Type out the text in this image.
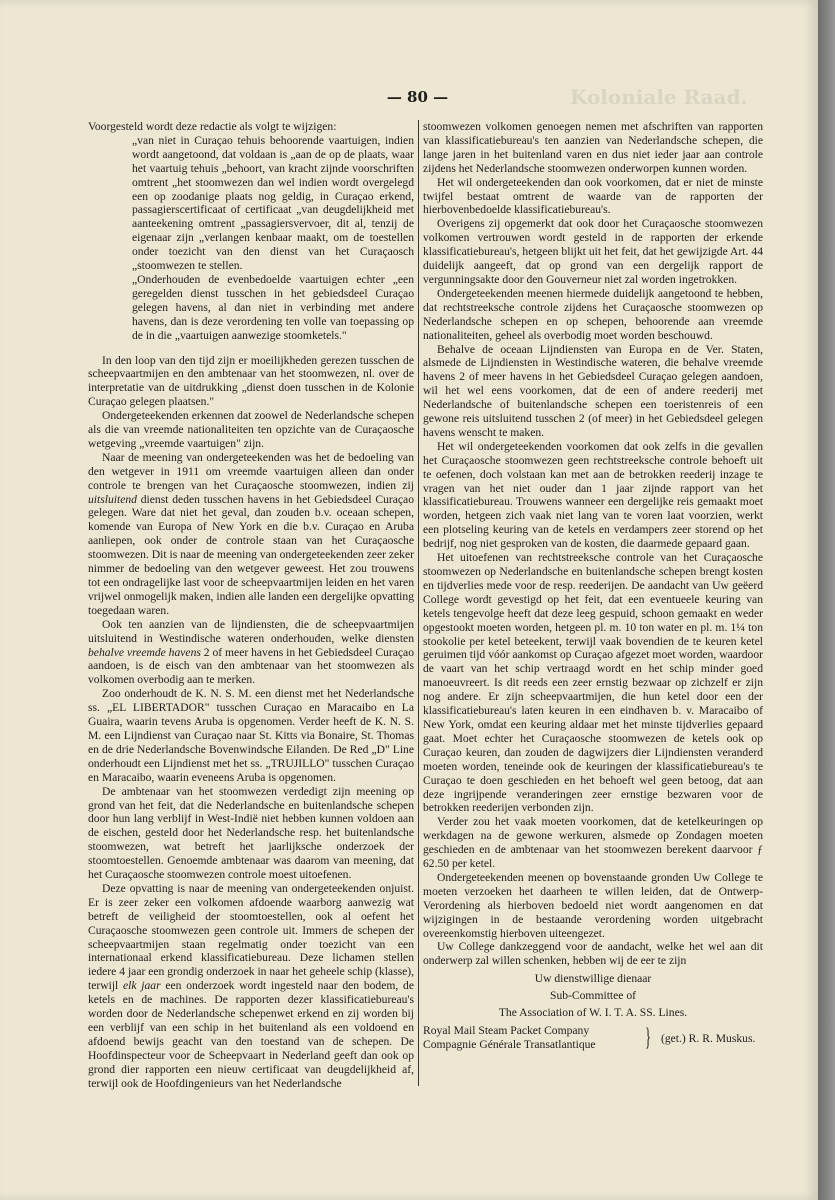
Koloniale Raad.
— 80 —

Voorgesteld wordt deze redactie als volgt te wijzigen:

„van niet in Curaçao tehuis behoorende vaartuigen, indien wordt aangetoond, dat voldaan is „aan de op de plaats, waar het vaartuig tehuis „behoort, van kracht zijnde voorschriften omtrent „het stoomwezen dan wel indien wordt overgelegd een op zoodanige plaats nog geldig, in Curaçao erkend, passagierscertificaat of certificaat „van deugdelijkheid met aanteekening omtrent „passagiersvervoer, dit al, tenzij de eigenaar zijn „verlangen kenbaar maakt, om de toestellen onder toezicht van den dienst van het Curaçaosch „stoomwezen te stellen.

„Onderhouden de evenbedoelde vaartuigen echter „een geregelden dienst tusschen in het gebiedsdeel Curaçao gelegen havens, al dan niet in verbinding met andere havens, dan is deze verordening ten volle van toepassing op de in die „vaartuigen aanwezige stoomketels."

In den loop van den tijd zijn er moeilijkheden gerezen tusschen de scheepvaartmijen en den ambtenaar van het stoomwezen, nl. over de interpretatie van de uitdrukking „dienst doen tusschen in de Kolonie Curaçao gelegen plaatsen."

Ondergeteekenden erkennen dat zoowel de Nederlandsche schepen als die van vreemde nationaliteiten ten opzichte van de Curaçaosche wetgeving „vreemde vaartuigen" zijn.

Naar de meening van ondergeteekenden was het de bedoeling van den wetgever in 1911 om vreemde vaartuigen alleen dan onder controle te brengen van het Curaçaosche stoomwezen, indien zij uitsluitend dienst deden tusschen havens in het Gebiedsdeel Curaçao gelegen. Ware dat niet het geval, dan zouden b.v. oceaan schepen, komende van Europa of New York en die b.v. Curaçao en Aruba aanliepen, ook onder de controle staan van het Curaçaosche stoomwezen. Dit is naar de meening van ondergeteekenden zeer zeker nimmer de bedoeling van den wetgever geweest. Het zou trouwens tot een ondragelijke last voor de scheepvaartmijen leiden en het varen vrijwel onmogelijk maken, indien alle landen een dergelijke opvatting toegedaan waren.

Ook ten aanzien van de lijndiensten, die de scheepvaartmijen uitsluitend in Westindische wateren onderhouden, welke diensten behalve vreemde havens 2 of meer havens in het Gebiedsdeel Curaçao aandoen, is de eisch van den ambtenaar van het stoomwezen als volkomen overbodig aan te merken.

Zoo onderhoudt de K. N. S. M. een dienst met het Nederlandsche ss. „EL LIBERTADOR" tusschen Curaçao en Maracaibo en La Guaira, waarin tevens Aruba is opgenomen. Verder heeft de K. N. S. M. een Lijndienst van Curaçao naar St. Kitts via Bonaire, St. Thomas en de drie Nederlandsche Bovenwindsche Eilanden. De Red „D" Line onderhoudt een Lijndienst met het ss. „TRUJILLO" tusschen Curaçao en Maracaibo, waarin eveneens Aruba is opgenomen.

De ambtenaar van het stoomwezen verdedigt zijn meening op grond van het feit, dat die Nederlandsche en buitenlandsche schepen door hun lang verblijf in West-Indië niet hebben kunnen voldoen aan de eischen, gesteld door het Nederlandsche resp. het buitenlandsche stoomwezen, wat betreft het jaarlijksche onderzoek der stoomtoestellen. Genoemde ambtenaar was daarom van meening, dat het Curaçaosche stoomwezen controle moest uitoefenen.

Deze opvatting is naar de meening van ondergeteekenden onjuist. Er is zeer zeker een volkomen afdoende waarborg aanwezig wat betreft de veiligheid der stoomtoestellen, ook al oefent het Curaçaosche stoomwezen geen controle uit. Immers de schepen der scheepvaartmijen staan regelmatig onder toezicht van een internationaal erkend klassificatiebureau. Deze lichamen stellen iedere 4 jaar een grondig onderzoek in naar het geheele schip (klasse), terwijl elk jaar een onderzoek wordt ingesteld naar den bodem, de ketels en de machines. De rapporten dezer klassificatiebureau's worden door de Nederlandsche schepenwet erkend en zij worden bij een verblijf van een schip in het buitenland als een voldoend en afdoend bewijs geacht van den toestand van de schepen. De Hoofdinspecteur voor de Scheepvaart in Nederland geeft dan ook op grond dier rapporten een nieuw certificaat van deugdelijkheid af, terwijl ook de Hoofdingenieurs van het Nederlandsche

stoomwezen volkomen genoegen nemen met afschriften van rapporten van klassificatiebureau's ten aanzien van Nederlandsche schepen, die lange jaren in het buitenland varen en dus niet ieder jaar aan controle zijdens het Nederlandsche stoomwezen onderworpen kunnen worden.

Het wil ondergeteekenden dan ook voorkomen, dat er niet de minste twijfel bestaat omtrent de waarde van de rapporten der hierbovenbedoelde klassificatiebureau's.

Overigens zij opgemerkt dat ook door het Curaçaosche stoomwezen volkomen vertrouwen wordt gesteld in de rapporten der erkende klassificatiebureau's, hetgeen blijkt uit het feit, dat het gewijzigde Art. 44 duidelijk aangeeft, dat op grond van een dergelijk rapport de vergunningsakte door den Gouverneur niet zal worden ingetrokken.

Ondergeteekenden meenen hiermede duidelijk aangetoond te hebben, dat rechtstreeksche controle zijdens het Curaçaosche stoomwezen op Nederlandsche schepen en op schepen, behoorende aan vreemde nationaliteiten, geheel als overbodig moet worden beschouwd.

Behalve de oceaan Lijndiensten van Europa en de Ver. Staten, alsmede de Lijndiensten in Westindische wateren, die behalve vreemde havens 2 of meer havens in het Gebiedsdeel Curaçao gelegen aandoen, wil het wel eens voorkomen, dat de een of andere reederij met Nederlandsche of buitenlandsche schepen een toeristenreis of een gewone reis uitsluitend tusschen 2 (of meer) in het Gebiedsdeel gelegen havens wenscht te maken.

Het wil ondergeteekenden voorkomen dat ook zelfs in die gevallen het Curaçaosche stoomwezen geen rechtstreeksche controle behoeft uit te oefenen, doch volstaan kan met aan de betrokken reederij inzage te vragen van het niet ouder dan 1 jaar zijnde rapport van het klassificatiebureau. Trouwens wanneer een dergelijke reis gemaakt moet worden, hetgeen zich vaak niet lang van te voren laat voorzien, werkt een plotseling keuring van de ketels en verdampers zeer storend op het bedrijf, nog niet gesproken van de kosten, die daarmede gepaard gaan.

Het uitoefenen van rechtstreeksche controle van het Curaçaosche stoomwezen op Nederlandsche en buitenlandsche schepen brengt kosten en tijdverlies mede voor de resp. reederijen. De aandacht van Uw geëerd College wordt gevestigd op het feit, dat een eventueele keuring van ketels tengevolge heeft dat deze leeg gespuid, schoon gemaakt en weder opgestookt moeten worden, hetgeen pl. m. 10 ton water en pl. m. 1¼ ton stookolie per ketel beteekent, terwijl vaak bovendien de te keuren ketel geruimen tijd vóór aankomst op Curaçao afgezet moet worden, waardoor de vaart van het schip vertraagd wordt en het schip minder goed manoeuvreert. Is dit reeds een zeer ernstig bezwaar op zichzelf er zijn nog andere. Er zijn scheepvaartmijen, die hun ketel door een der klassificatiebureau's laten keuren in een eindhaven b. v. Maracaibo of New York, omdat een keuring aldaar met het minste tijdverlies gepaard gaat. Moet echter het Curaçaosche stoomwezen de ketels ook op Curaçao keuren, dan zouden de dagwijzers dier Lijndiensten veranderd moeten worden, teneinde ook de keuringen der klassificatiebureau's te Curaçao te doen geschieden en het behoeft wel geen betoog, dat aan deze ingrijpende veranderingen zeer ernstige bezwaren voor de betrokken reederijen verbonden zijn.

Verder zou het vaak moeten voorkomen, dat de ketelkeuringen op werkdagen na de gewone werkuren, alsmede op Zondagen moeten geschieden en de ambtenaar van het stoomwezen berekent daarvoor ƒ 62.50 per ketel.

Ondergeteekenden meenen op bovenstaande gronden Uw College te moeten verzoeken het daarheen te willen leiden, dat de Ontwerp-Verordening als hierboven bedoeld niet wordt aangenomen en dat wijzigingen in de bestaande verordening worden uitgebracht overeenkomstig hierboven uiteengezet.

Uw College dankzeggend voor de aandacht, welke het wel aan dit onderwerp zal willen schenken, hebben wij de eer te zijn

Uw dienstwillige dienaar
Sub-Committee of
The Association of W. I. T. A. SS. Lines.
Royal Mail Steam Packet Company
Compagnie Générale Transatlantique } (get.) R. R. Muskus.
